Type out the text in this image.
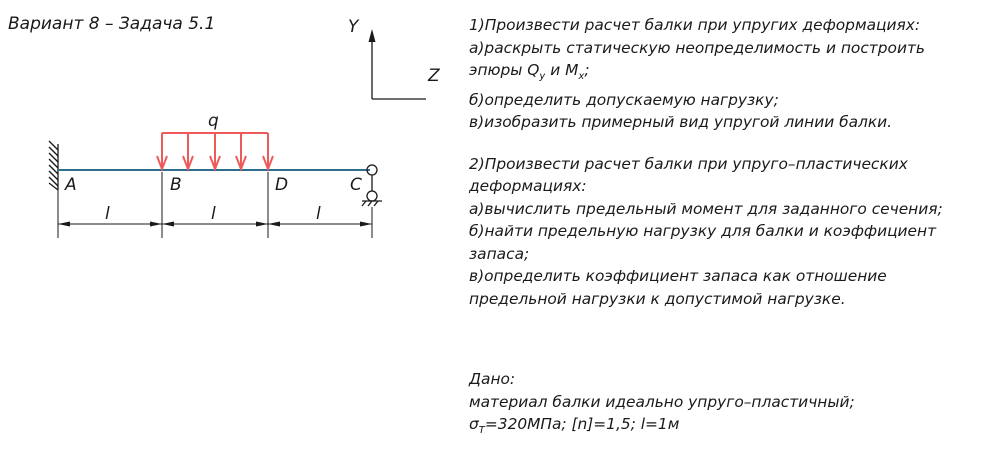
Вариант 8 – Задача 5.1	Y
Z
q
A	B	D	C
l	l	l
1)Произвести расчет балки при упругих деформациях:
а)раскрыть статическую неопределимость и построить
эпюры $Q_y$ и $M_x$;
б)определить допускаемую нагрузку;
в)изобразить примерный вид упругой линии балки.
2)Произвести расчет балки при упруго–пластических
деформациях:
а)вычислить предельный момент для заданного сечения;
б)найти предельную нагрузку для балки и коэффициент
запаса;
в)определить коэффициент запаса как отношение
предельной нагрузки к допустимой нагрузке.
Дано:
материал балки идеально упруго–пластичный;
$\sigma_T=320МПа$; [n]=1,5; l=1м
